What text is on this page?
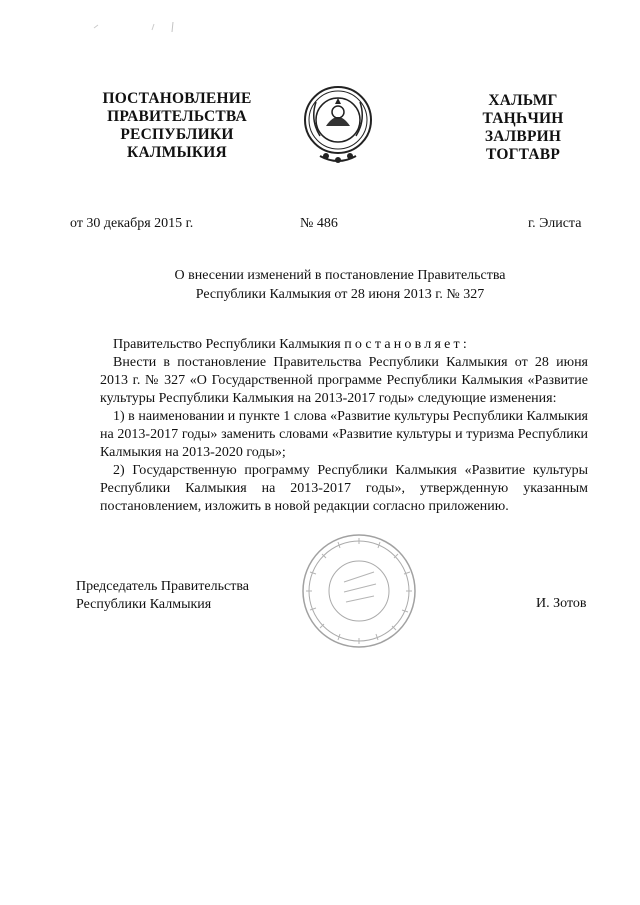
ПОСТАНОВЛЕНИЕ
ПРАВИТЕЛЬСТВА
РЕСПУБЛИКИ
КАЛМЫКИЯ
ХАЛЬМГ
ТАҢҺЧИН
ЗАЛВРИН
ТОГТАВР
от 30 декабря 2015 г.	№ 486	г. Элиста
О внесении изменений в постановление Правительства
Республики Калмыкия от 28 июня 2013 г. № 327

Правительство Республики Калмыкия постановляет:

Внести в постановление Правительства Республики Калмыкия от 28 июня 2013 г. № 327 «О Государственной программе Республики Калмыкия «Развитие культуры Республики Калмыкия на 2013-2017 годы» следующие изменения:

1) в наименовании и пункте 1 слова «Развитие культуры Республики Калмыкия на 2013-2017 годы» заменить словами «Развитие культуры и туризма Республики Калмыкия на 2013-2020 годы»;

2) Государственную программу Республики Калмыкия «Развитие культуры Республики Калмыкия на 2013-2017 годы», утвержденную указанным постановлением, изложить в новой редакции согласно приложению.

Председатель Правительства
Республики Калмыкия	И. Зотов
